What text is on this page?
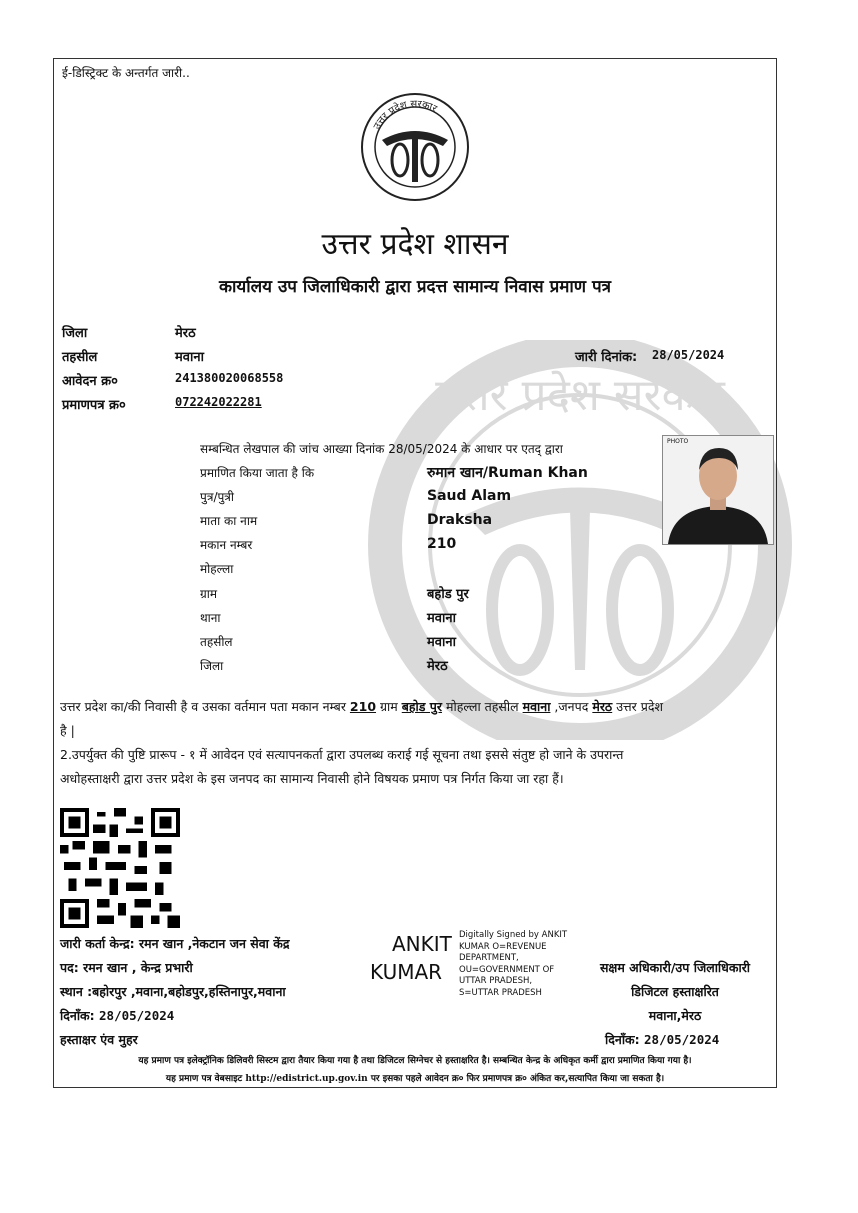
उत्तर प्रदेश सरकार
ई-डिस्ट्रिक्ट के अन्तर्गत जारी..
उत्तर प्रदेश सरकार
उत्तर प्रदेश शासन
कार्यालय उप जिलाधिकारी द्वारा प्रदत्त सामान्य निवास प्रमाण पत्र
जिला	मेरठ
तहसील	मवाना
आवेदन क्र०	241380020068558
प्रमाणपत्र क्र०	072242022281
जारी दिनांक: 28/05/2024
सम्बन्धित लेखपाल की जांच आख्या दिनांक 28/05/2024 के आधार पर एतद् द्वारा
प्रमाणित किया जाता है कि	रुमान खान/Ruman Khan
पुत्र/पुत्री	Saud Alam
माता का नाम	Draksha
मकान नम्बर	210
मोहल्ला
ग्राम	बहोड पुर
थाना	मवाना
तहसील	मवाना
जिला	मेरठ
PHOTO
उत्तर प्रदेश का/की निवासी है व उसका वर्तमान पता मकान नम्बर 210 ग्राम बहोड पुर मोहल्ला तहसील मवाना ,जनपद मेरठ उत्तर प्रदेश
है |
2.उपर्युक्त की पुष्टि प्रारूप - १ में आवेदन एवं सत्यापनकर्ता द्वारा उपलब्ध कराई गई सूचना तथा इससे संतुष्ट हो जाने के उपरान्त
अधोहस्ताक्षरी द्वारा उत्तर प्रदेश के इस जनपद का सामान्य निवासी होने विषयक प्रमाण पत्र निर्गत किया जा रहा हैं।
जारी कर्ता केन्द्र: रमन खान ,नेकटान जन सेवा केंद्र
पद: रमन खान , केन्द्र प्रभारी
स्थान :बहोरपुर ,मवाना,बहोडपुर,हस्तिनापुर,मवाना
दिनाँक: 28/05/2024
हस्ताक्षर एंव मुहर
ANKIT
KUMAR
Digitally Signed by ANKIT
KUMAR O=REVENUE
DEPARTMENT,
OU=GOVERNMENT OF
UTTAR PRADESH,
S=UTTAR PRADESH
सक्षम अधिकारी/उप जिलाधिकारी
डिजिटल हस्ताक्षरित
मवाना,मेरठ
दिनाँक: 28/05/2024
यह प्रमाण पत्र इलेक्ट्रॉनिक डिलिवरी सिस्टम द्वारा तैयार किया गया है तथा डिजिटल सिग्नेचर से हस्ताक्षरित है। सम्बन्धित केन्द्र के अधिकृत कर्मी द्वारा प्रमाणित किया गया है।
यह प्रमाण पत्र वेबसाइट http://edistrict.up.gov.in पर इसका पहले आवेदन क्र० फिर प्रमाणपत्र क्र० अंकित कर,सत्यापित किया जा सकता है।
